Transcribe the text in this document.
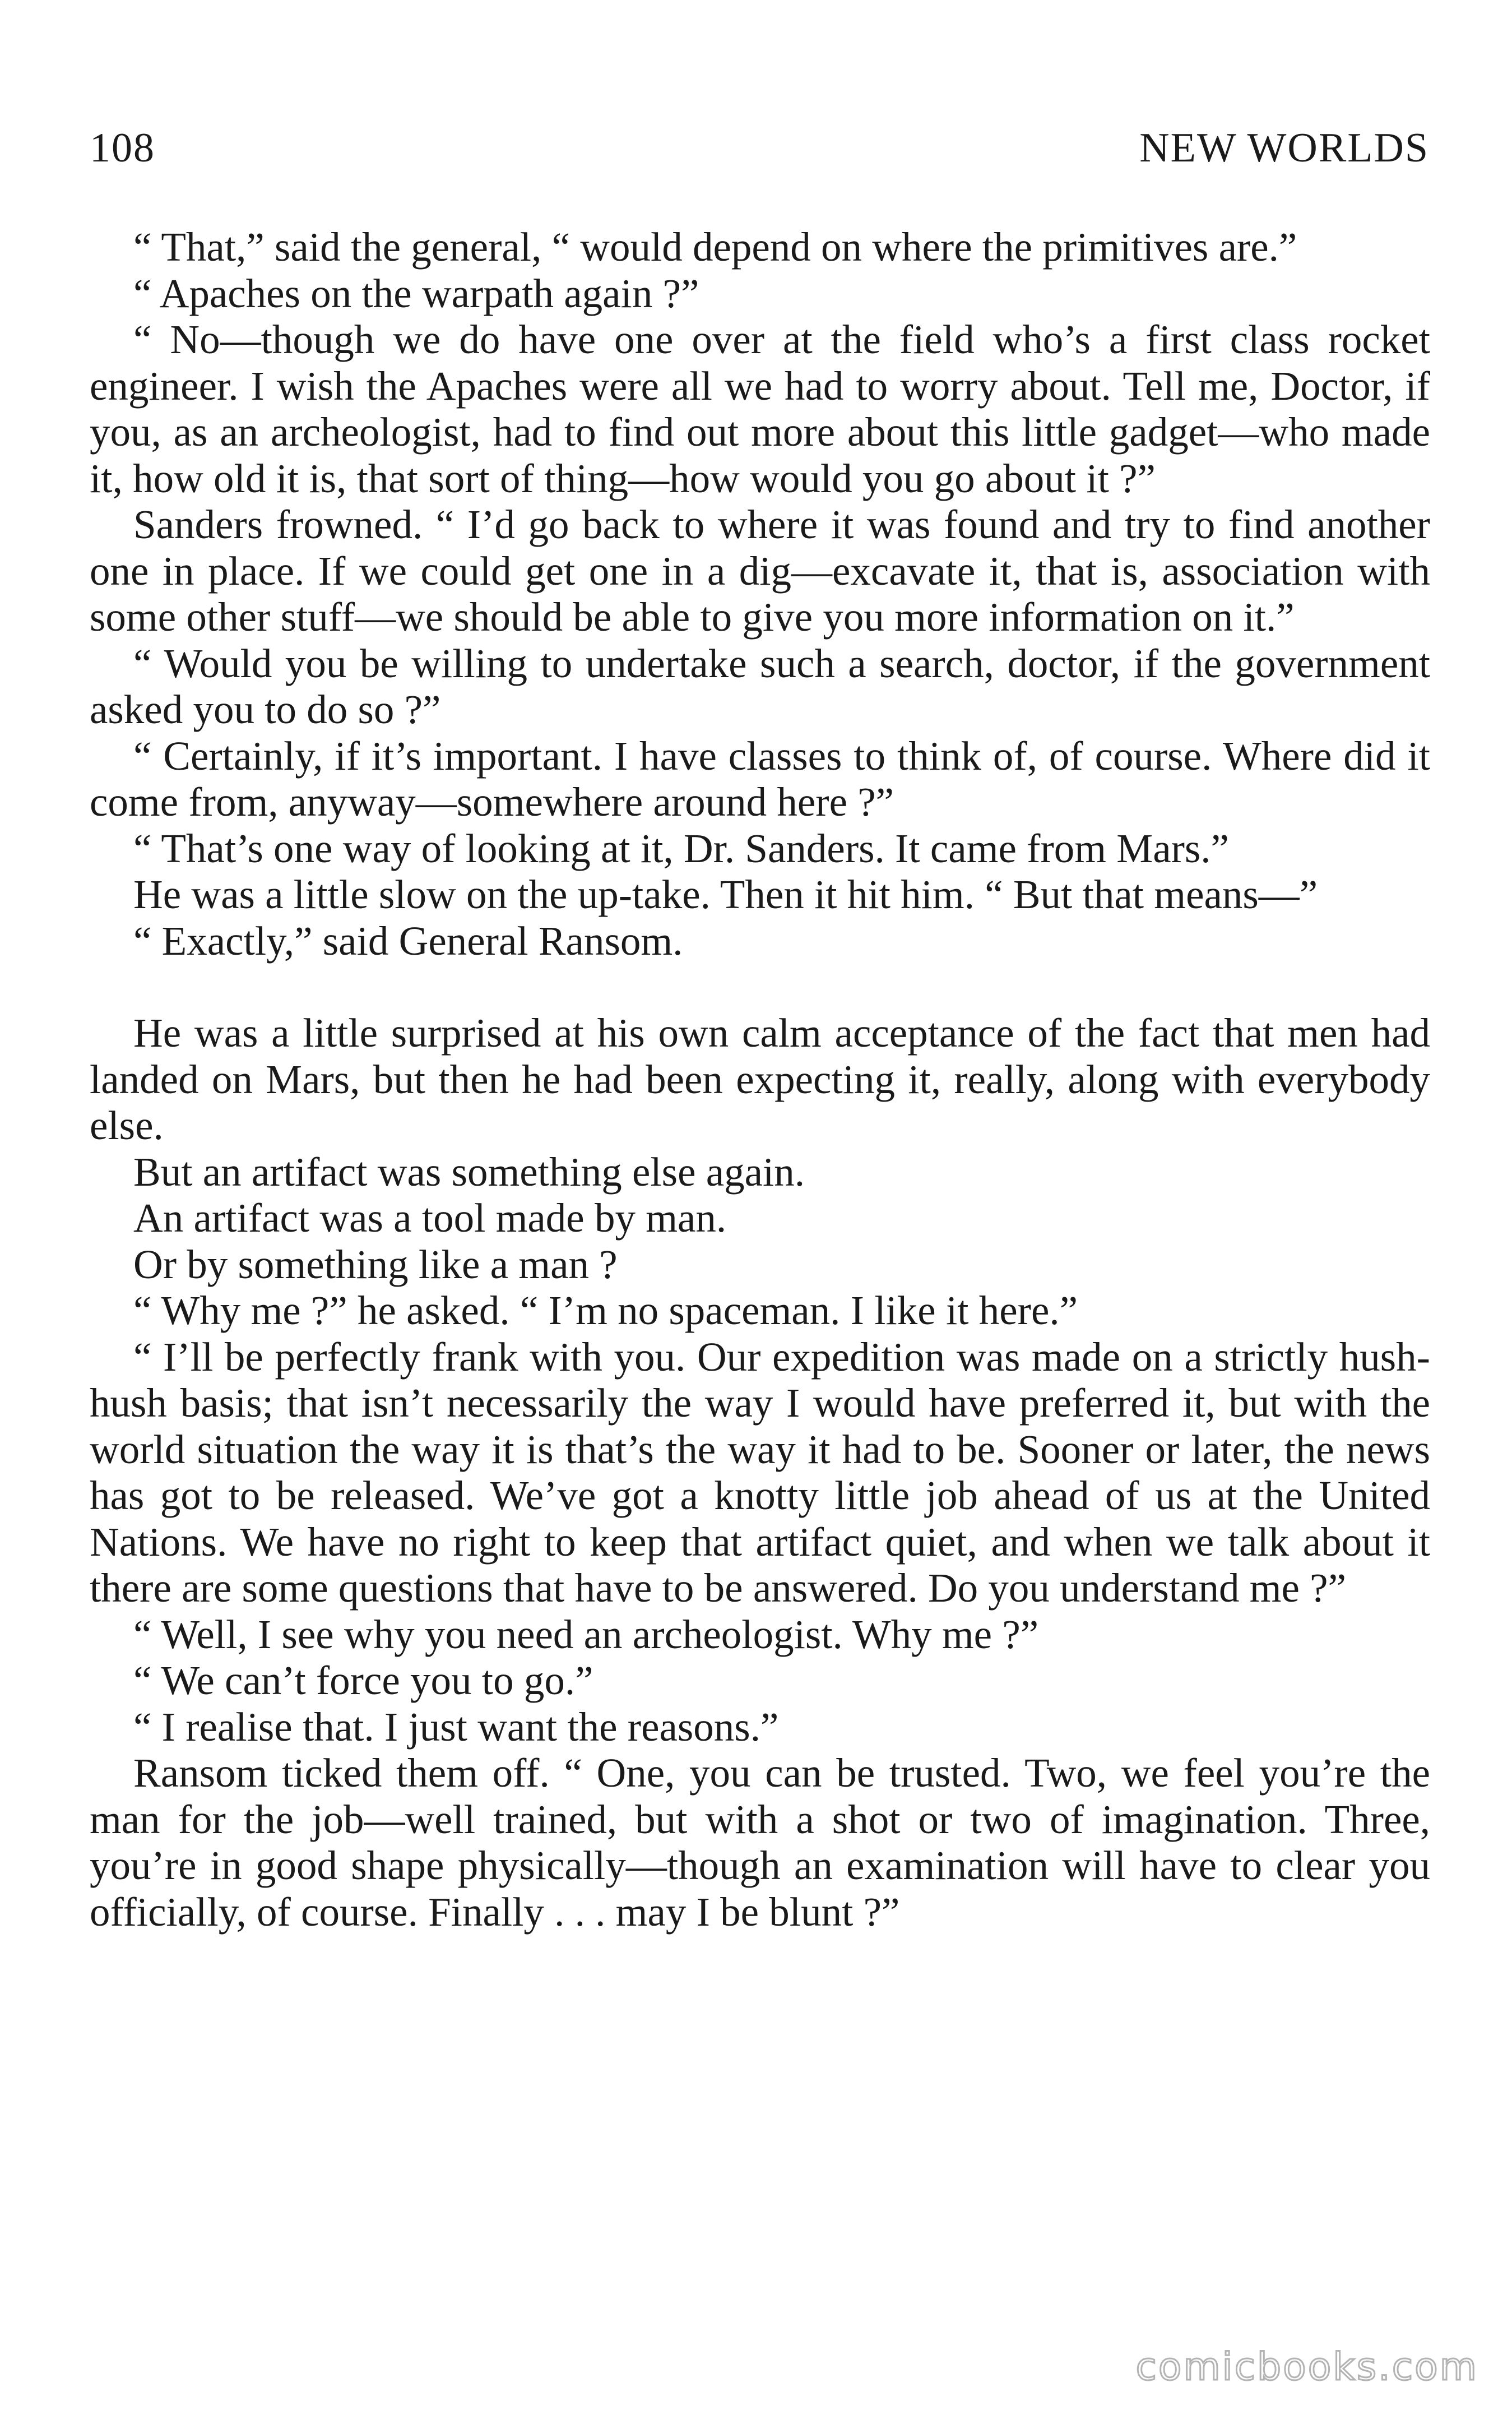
108	NEW WORLDS

“ That,” said the general, “ would depend on where the primitives are.”

“ Apaches on the warpath again ?”

“ No—though we do have one over at the field who’s a first class rocket engineer. I wish the Apaches were all we had to worry about. Tell me, Doctor, if you, as an archeologist, had to find out more about this little gadget—who made it, how old it is, that sort of thing—how would you go about it ?”

Sanders frowned. “ I’d go back to where it was found and try to find another one in place. If we could get one in a dig—excavate it, that is, association with some other stuff—we should be able to give you more information on it.”

“ Would you be willing to undertake such a search, doctor, if the government asked you to do so ?”

“ Certainly, if it’s important. I have classes to think of, of course. Where did it come from, anyway—somewhere around here ?”

“ That’s one way of looking at it, Dr. Sanders. It came from Mars.”

He was a little slow on the up-take. Then it hit him. “ But that means—”

“ Exactly,” said General Ransom.

He was a little surprised at his own calm acceptance of the fact that men had landed on Mars, but then he had been expecting it, really, along with everybody else.

But an artifact was something else again.

An artifact was a tool made by man.

Or by something like a man ?

“ Why me ?” he asked. “ I’m no spaceman. I like it here.”

“ I’ll be perfectly frank with you. Our expedition was made on a strictly hush-hush basis; that isn’t necessarily the way I would have preferred it, but with the world situation the way it is that’s the way it had to be. Sooner or later, the news has got to be released. We’ve got a knotty little job ahead of us at the United Nations. We have no right to keep that artifact quiet, and when we talk about it there are some questions that have to be answered. Do you understand me ?”

“ Well, I see why you need an archeologist. Why me ?”

“ We can’t force you to go.”

“ I realise that. I just want the reasons.”

Ransom ticked them off. “ One, you can be trusted. Two, we feel you’re the man for the job—well trained, but with a shot or two of imagination. Three, you’re in good shape physically—though an examination will have to clear you officially, of course. Finally . . . may I be blunt ?”

comicbooks.com
